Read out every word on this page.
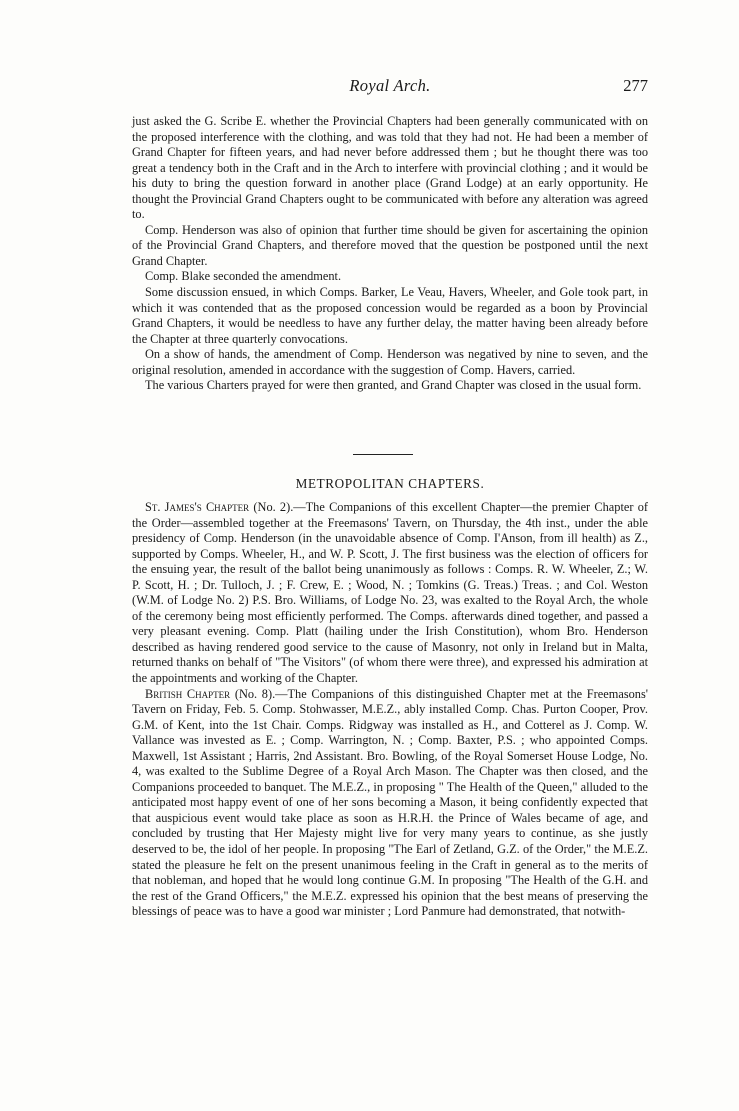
Royal Arch.	277

just asked the G. Scribe E. whether the Provincial Chapters had been generally communicated with on the proposed interference with the clothing, and was told that they had not. He had been a member of Grand Chapter for fifteen years, and had never before addressed them ; but he thought there was too great a tendency both in the Craft and in the Arch to interfere with provincial clothing ; and it would be his duty to bring the question forward in another place (Grand Lodge) at an early opportunity. He thought the Provincial Grand Chapters ought to be communicated with before any alteration was agreed to.

Comp. Henderson was also of opinion that further time should be given for ascertaining the opinion of the Provincial Grand Chapters, and therefore moved that the question be postponed until the next Grand Chapter.

Comp. Blake seconded the amendment.

Some discussion ensued, in which Comps. Barker, Le Veau, Havers, Wheeler, and Gole took part, in which it was contended that as the proposed concession would be regarded as a boon by Provincial Grand Chapters, it would be needless to have any further delay, the matter having been already before the Chapter at three quarterly convocations.

On a show of hands, the amendment of Comp. Henderson was negatived by nine to seven, and the original resolution, amended in accordance with the suggestion of Comp. Havers, carried.

The various Charters prayed for were then granted, and Grand Chapter was closed in the usual form.

METROPOLITAN CHAPTERS.

St. James's Chapter (No. 2).—The Companions of this excellent Chapter—the premier Chapter of the Order—assembled together at the Freemasons' Tavern, on Thursday, the 4th inst., under the able presidency of Comp. Henderson (in the unavoidable absence of Comp. I'Anson, from ill health) as Z., supported by Comps. Wheeler, H., and W. P. Scott, J. The first business was the election of officers for the ensuing year, the result of the ballot being unanimously as follows : Comps. R. W. Wheeler, Z.; W. P. Scott, H. ; Dr. Tulloch, J. ; F. Crew, E. ; Wood, N. ; Tomkins (G. Treas.) Treas. ; and Col. Weston (W.M. of Lodge No. 2) P.S. Bro. Williams, of Lodge No. 23, was exalted to the Royal Arch, the whole of the ceremony being most efficiently performed. The Comps. afterwards dined together, and passed a very pleasant evening. Comp. Platt (hailing under the Irish Constitution), whom Bro. Henderson described as having rendered good service to the cause of Masonry, not only in Ireland but in Malta, returned thanks on behalf of "The Visitors" (of whom there were three), and expressed his admiration at the appointments and working of the Chapter.

British Chapter (No. 8).—The Companions of this distinguished Chapter met at the Freemasons' Tavern on Friday, Feb. 5. Comp. Stohwasser, M.E.Z., ably installed Comp. Chas. Purton Cooper, Prov. G.M. of Kent, into the 1st Chair. Comps. Ridgway was installed as H., and Cotterel as J. Comp. W. Vallance was invested as E. ; Comp. Warrington, N. ; Comp. Baxter, P.S. ; who appointed Comps. Maxwell, 1st Assistant ; Harris, 2nd Assistant. Bro. Bowling, of the Royal Somerset House Lodge, No. 4, was exalted to the Sublime Degree of a Royal Arch Mason. The Chapter was then closed, and the Companions proceeded to banquet. The M.E.Z., in proposing " The Health of the Queen," alluded to the anticipated most happy event of one of her sons becoming a Mason, it being confidently expected that that auspicious event would take place as soon as H.R.H. the Prince of Wales became of age, and concluded by trusting that Her Majesty might live for very many years to continue, as she justly deserved to be, the idol of her people. In proposing "The Earl of Zetland, G.Z. of the Order," the M.E.Z. stated the pleasure he felt on the present unanimous feeling in the Craft in general as to the merits of that nobleman, and hoped that he would long continue G.M. In proposing "The Health of the G.H. and the rest of the Grand Officers," the M.E.Z. expressed his opinion that the best means of preserving the blessings of peace was to have a good war minister ; Lord Panmure had demonstrated, that notwith-
